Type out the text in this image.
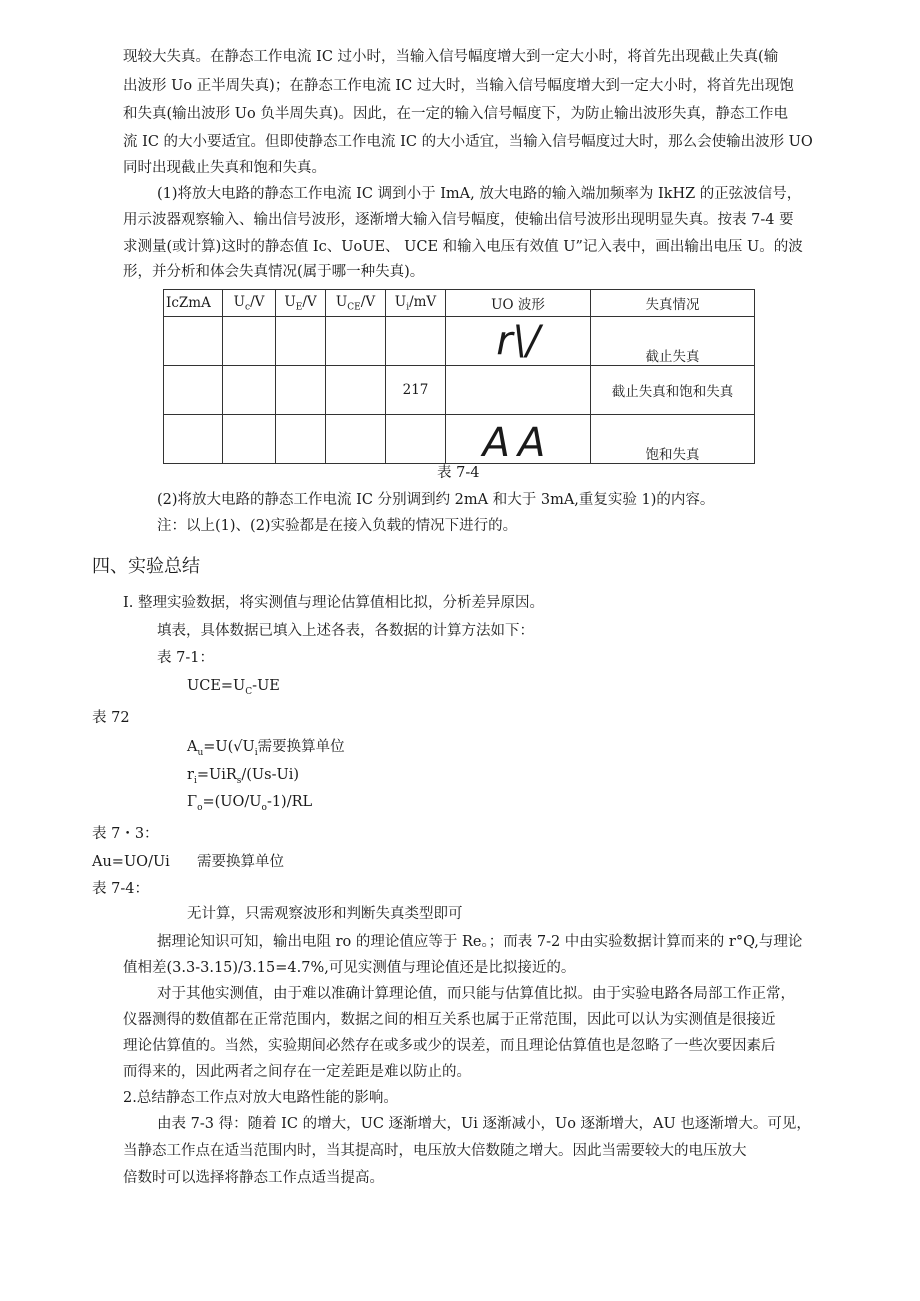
现较大失真。在静态工作电流 IC 过小时，当输入信号幅度增大到一定大小时，将首先出现截止失真(输
出波形 Uo 正半周失真)；在静态工作电流 IC 过大时，当输入信号幅度增大到一定大小时，将首先出现饱
和失真(输出波形 Uo 负半周失真)。因此，在一定的输入信号幅度下，为防止输出波形失真，静态工作电
流 IC 的大小要适宜。但即使静态工作电流 IC 的大小适宜，当输入信号幅度过大时，那么会使输出波形 UO
同时出现截止失真和饱和失真。
(1)将放大电路的静态工作电流 IC 调到小于 ImA, 放大电路的输入端加频率为 IkHZ 的正弦波信号，
用示波器观察输入、输出信号波形，逐渐增大输入信号幅度，使输出信号波形出现明显失真。按表 7-4 要
求测量(或计算)这时的静态值 Ic、UoUE、 UCE 和输入电压有效值 U”记入表中，画出输出电压 U。的波
形，并分析和体会失真情况(属于哪一种失真)。
IcZmA	$U_c/V$	$U_E/V$	$U_{CE}/V$	$U_i/mV$	UO 波形	失真情况
					r\/	截止失真
				217		截止失真和饱和失真
					AA	饱和失真
表 7-4
(2)将放大电路的静态工作电流 IC 分别调到约 2mA 和大于 3mA,重复实验 1)的内容。
注：以上(1)、(2)实验都是在接入负载的情况下进行的。
四、实验总结
I. 整理实验数据，将实测值与理论估算值相比拟，分析差异原因。
填表，具体数据已填入上述各表，各数据的计算方法如下：
表 7-1：
$UCE=U_C-UE$
表 72
$A_u=U(√U_i$需要换算单位
$r_i=UiR_s/(Us-Ui)$
$\Gamma_o=(UO/U_o-1)/RL$
表 7・3：
Au=UO/Ui 需要换算单位
表 7-4：
无计算，只需观察波形和判断失真类型即可
据理论知识可知，输出电阻 ro 的理论值应等于 Re。；而表 7-2 中由实验数据计算而来的 r°Q,与理论
值相差(3.3-3.15)/3.15=4.7%,可见实测值与理论值还是比拟接近的。
对于其他实测值，由于难以准确计算理论值，而只能与估算值比拟。由于实验电路各局部工作正常，
仪器测得的数值都在正常范围内，数据之间的相互关系也属于正常范围，因此可以认为实测值是很接近
理论估算值的。当然，实验期间必然存在或多或少的误差，而且理论估算值也是忽略了一些次要因素后
而得来的，因此两者之间存在一定差距是难以防止的。
2.总结静态工作点对放大电路性能的影响。
由表 7-3 得：随着 IC 的增大，UC 逐渐增大，Ui 逐渐减小，Uo 逐渐增大，AU 也逐渐增大。可见，
当静态工作点在适当范围内时，当其提高时，电压放大倍数随之增大。因此当需要较大的电压放大
倍数时可以选择将静态工作点适当提高。
